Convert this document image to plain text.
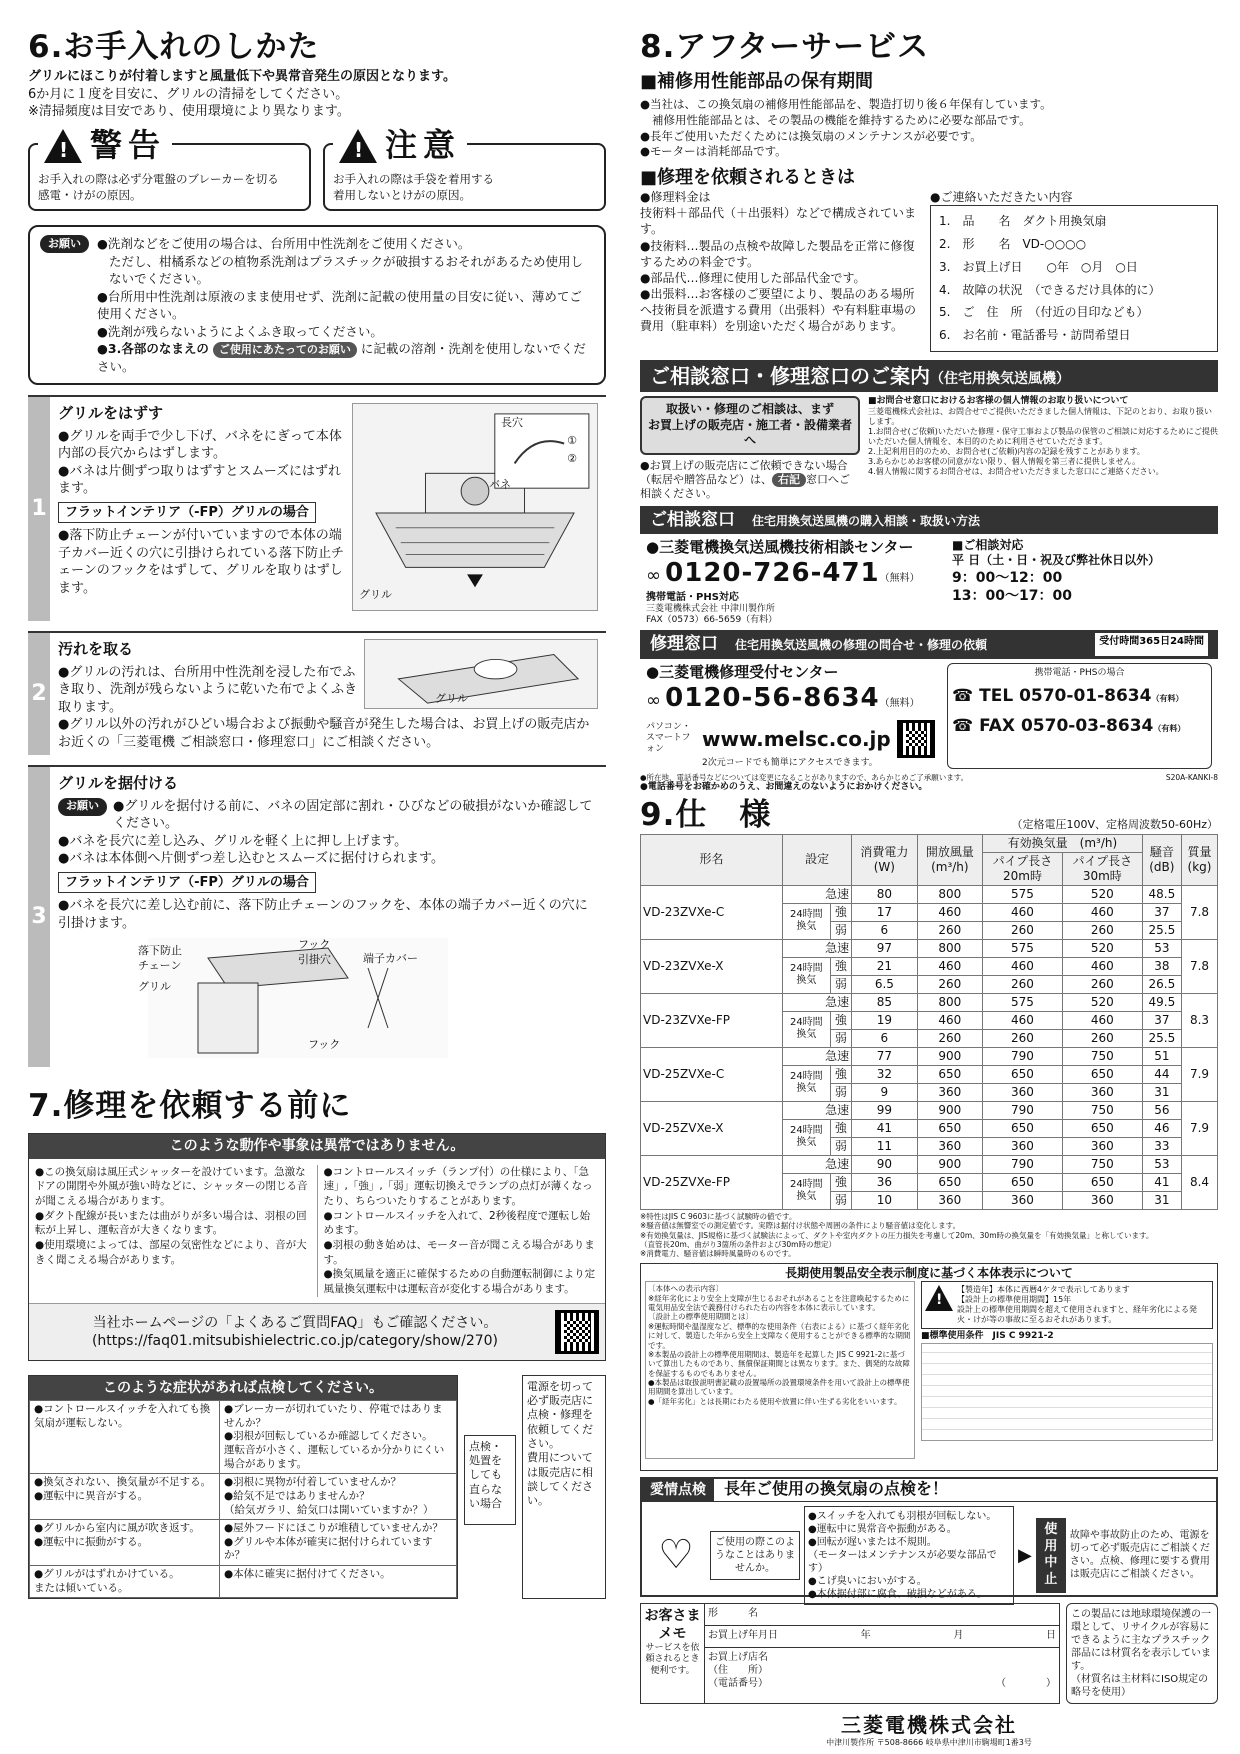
6.お手入れのしかた
グリルにほこりが付着しますと風量低下や異常音発生の原因となります。
6か月に１度を目安に、グリルの清掃をしてください。
※清掃頻度は目安であり、使用環境により異なります。
! 警告
お手入れの際は必ず分電盤のブレーカーを切る
感電・けがの原因。
! 注意
お手入れの際は手袋を着用する
着用しないとけがの原因。
お願い	●洗剤などをご使用の場合は、台所用中性洗剤をご使用ください。
ただし、柑橘系などの植物系洗剤はプラスチックが破損するおそれがあるため使用しないでください。
●台所用中性洗剤は原液のまま使用せず、洗剤に記載の使用量の目安に従い、薄めてご使用ください。
●洗剤が残らないようによくふき取ってください。
●3.各部のなまえの ご使用にあたってのお願い に記載の溶剤・洗剤を使用しないでください。
1
グリルをはずす
●グリルを両手で少し下げ、バネをにぎって本体内部の長穴からはずします。
●バネは片側ずつ取りはずすとスムーズにはずれます。
フラットインテリア（-FP）グリルの場合
●落下防止チェーンが付いていますので本体の端子カバー近くの穴に引掛けられている落下防止チェーンのフックをはずして、グリルを取りはずします。
長穴
バネ
①
②
グリル
2
汚れを取る
●グリルの汚れは、台所用中性洗剤を浸した布でふき取り、洗剤が残らないように乾いた布でよくふき取ります。
グリル
●グリル以外の汚れがひどい場合および振動や騒音が発生した場合は、お買上げの販売店かお近くの「三菱電機 ご相談窓口・修理窓口」にご相談ください。
3
グリルを据付ける
お願い	●グリルを据付ける前に、バネの固定部に割れ・ひびなどの破損がないか確認してください。
●バネを長穴に差し込み、グリルを軽く上に押し上げます。
●バネは本体側へ片側ずつ差し込むとスムーズに据付けられます。
フラットインテリア（-FP）グリルの場合
●バネを長穴に差し込む前に、落下防止チェーンのフックを、本体の端子カバー近くの穴に引掛けます。
落下防止
チェーン
グリル
フック
引掛穴	端子カバー
フック
7.修理を依頼する前に
このような動作や事象は異常ではありません。
●この換気扇は風圧式シャッターを設けています。急激なドアの開閉や外風が強い時などに、シャッターの閉じる音が聞こえる場合があります。
●ダクト配線が長いまたは曲がりが多い場合は、羽根の回転が上昇し、運転音が大きくなります。
●使用環境によっては、部屋の気密性などにより、音が大きく聞こえる場合があります。
●コントロールスイッチ（ランプ付）の仕様により、「急速」,「強」,「弱」運転切換えでランプの点灯が薄くなったり、ちらついたりすることがあります。
●コントロールスイッチを入れて、2秒後程度で運転し始めます。
●羽根の動き始めは、モーター音が聞こえる場合があります。
●換気風量を適正に確保するための自動運転制御により定風量換気運転中は運転音が変化する場合があります。
当社ホームページの「よくあるご質問FAQ」もご確認ください。
(https://faq01.mitsubishielectric.co.jp/category/show/270)
このような症状があれば点検してください。
●コントロールスイッチを入れても換気扇が運転しない。	●ブレーカーが切れていたり、停電ではありませんか？
●羽根が回転しているか確認してください。
運転音が小さく、運転しているか分かりにくい場合があります。
●換気されない、換気量が不足する。
●運転中に異音がする。	●羽根に異物が付着していませんか？
●給気不足ではありませんか？
（給気ガラリ、給気口は開いていますか？）
●グリルから室内に風が吹き返す。
●運転中に振動がする。	●屋外フードにほこりが堆積していませんか？
●グリルや本体が確実に据付けられていますか？
●グリルがはずれかけている。
または傾いている。	●本体に確実に据付けてください。
点検・処置をしても直らない場合
電源を切って必ず販売店に点検・修理を依頼してください。
費用については販売店に相談してください。
8.アフターサービス
■補修用性能部品の保有期間
●当社は、この換気扇の補修用性能部品を、製造打切り後６年保有しています。
補修用性能部品とは、その製品の機能を維持するために必要な部品です。
●長年ご使用いただくためには換気扇のメンテナンスが必要です。
●モーターは消耗部品です。
■修理を依頼されるときは
●修理料金は
技術料＋部品代（＋出張料）などで構成されています。
●技術料…製品の点検や故障した製品を正常に修復するための料金です。
●部品代…修理に使用した部品代金です。
●出張料…お客様のご要望により、製品のある場所へ技術員を派遣する費用（出張料）や有料駐車場の費用（駐車料）を別途いただく場合があります。
●ご連絡いただきたい内容
1.　品　　名　ダクト用換気扇
2.　形　　名　VD-○○○○
3.　お買上げ日　　○年　○月　○日
4.　故障の状況　（できるだけ具体的に）
5.　ご　住　所　（付近の目印なども）
6.　お名前・電話番号・訪問希望日
ご相談窓口・修理窓口のご案内（住宅用換気送風機）
取扱い・修理のご相談は、まず
お買上げの販売店・施工者・設備業者へ
●お買上げの販売店にご依頼できない場合（転居や贈答品など）は、 右記 窓口へご相談ください。
■お問合せ窓口におけるお客様の個人情報のお取り扱いについて
三菱電機株式会社は、お問合せでご提供いただきました個人情報は、下記のとおり、お取り扱いします。
1.お問合せ(ご依頼)いただいた修理・保守工事および製品の保管のご相談に対応するためにご提供いただいた個人情報を、本目的のために利用させていただきます。
2.上記利用目的のため、お問合せ(ご依頼)内容の記録を残すことがあります。
3.あらかじめお客様の同意がない限り、個人情報を第三者に提供しません。
4.個人情報に関するお問合せは、お問合せいただきました窓口にご連絡ください。
ご相談窓口　 住宅用換気送風機の購入相談・取扱い方法
●三菱電機換気送風機技術相談センター
∞ 0120-726-471（無料）
携帯電話・PHS対応
三菱電機株式会社 中津川製作所
FAX（0573）66-5659（有料）
■ご相談対応
平 日（土・日・祝及び弊社休日以外）
9：00～12：00
13：00～17：00
修理窓口　 住宅用換気送風機の修理の問合せ・修理の依頼	受付時間365日24時間
●三菱電機修理受付センター
∞ 0120-56-8634（無料）
パソコン・スマートフォン	www.melsc.co.jp
2次元コードでも簡単にアクセスできます。
携帯電話・PHSの場合
☎ TEL 0570-01-8634（有料）
☎ FAX 0570-03-8634（有料）
●所在地、電話番号などについては変更になることがありますので、あらかじめご了承願います。	S20A-KANKI-8
●電話番号をお確かめのうえ、お間違えのないようにおかけください。
9.仕　様	（定格電圧100V、定格周波数50-60Hz）
形名	設定		消費電力
(W)	開放風量
(m³/h)	有効換気量　(m³/h)		騒音
(dB)	質量
(kg)
					パイプ長さ
20m時	パイプ長さ
30m時		
VD-23ZVXe-C	急速		80	800	575	520	48.5	7.8
	24時間
換気	強	17	460	460	460	37	
		弱	6	260	260	260	25.5	
VD-23ZVXe-X	急速		97	800	575	520	53	7.8
	24時間
換気	強	21	460	460	460	38	
		弱	6.5	260	260	260	26.5	
VD-23ZVXe-FP	急速		85	800	575	520	49.5	8.3
	24時間
換気	強	19	460	460	460	37	
		弱	6	260	260	260	25.5	
VD-25ZVXe-C	急速		77	900	790	750	51	7.9
	24時間
換気	強	32	650	650	650	44	
		弱	9	360	360	360	31	
VD-25ZVXe-X	急速		99	900	790	750	56	7.9
	24時間
換気	強	41	650	650	650	46	
		弱	11	360	360	360	33	
VD-25ZVXe-FP	急速		90	900	790	750	53	8.4
	24時間
換気	強	36	650	650	650	41	
		弱	10	360	360	360	31	
※特性はJIS C 9603に基づく試験時の値です。
※騒音値は無響室での測定値です。実際は据付け状態や周囲の条件により騒音値は変化します。
※有効換気量は、JIS規格に基づく試験法によって、ダクトや室内ダクトの圧力損失を考慮して20m、30m時の換気量を「有効換気量」と称しています。
（直管長20m、曲がり3箇所の条件および30m時の想定）
※消費電力、騒音値は瞬時風量時のものです。
長期使用製品安全表示制度に基づく本体表示について
〔本体への表示内容〕
※経年劣化により安全上支障が生じるおそれがあることを注意喚起するために電気用品安全法で義務付けられた右の内容を本体に表示しています。
〔設計上の標準使用期間とは〕
※運転時間や温湿度など、標準的な使用条件（右表による）に基づく経年劣化に対して、製造した年から安全上支障なく使用することができる標準的な期間です。
※本製品の設計上の標準使用期間は、製造年を起算した JIS C 9921-2に基づいて算出したものであり、無償保証期間とは異なります。また、偶発的な故障を保証するものでもありません。
●本製品は取扱説明書記載の設置場所の設置環境条件を用いて設計上の標準使用期間を算出しています。
●「経年劣化」とは長期にわたる使用や放置に伴い生ずる劣化をいいます。
!
【製造年】本体に西暦4ケタで表示してあります
【設計上の標準使用期間】15年
設計上の標準使用期間を超えて使用されますと、経年劣化による発火・けが等の事故に至るおそれがあります。
■標準使用条件　JIS C 9921-2
愛情点検	長年ご使用の換気扇の点検を！
♡	ご使用の際このようなことはありませんか。
●スイッチを入れても羽根が回転しない。
●運転中に異常音や振動がある。
●回転が遅いまたは不規則。
（モーターはメンテナンスが必要な部品です）
●こげ臭いにおいがする。
●本体据付部に腐食、破損などがある。
▶
使用中止
故障や事故防止のため、電源を切って必ず販売店にご相談ください。点検、修理に要する費用は販売店にご相談ください。
お客さまメモ
サービスを依頼されるとき便利です。
形　　　名
お買上げ年月日	年	月	日
お買上げ店名
（住　　所）
（電話番号）	（　　　　）
この製品には地球環境保護の一環として、リサイクルが容易にできるように主なプラスチック部品には材質名を表示しています。
（材質名は主材料にISO規定の略号を使用）
三菱電機株式会社
中津川製作所 〒508-8666 岐阜県中津川市駒場町1番3号
